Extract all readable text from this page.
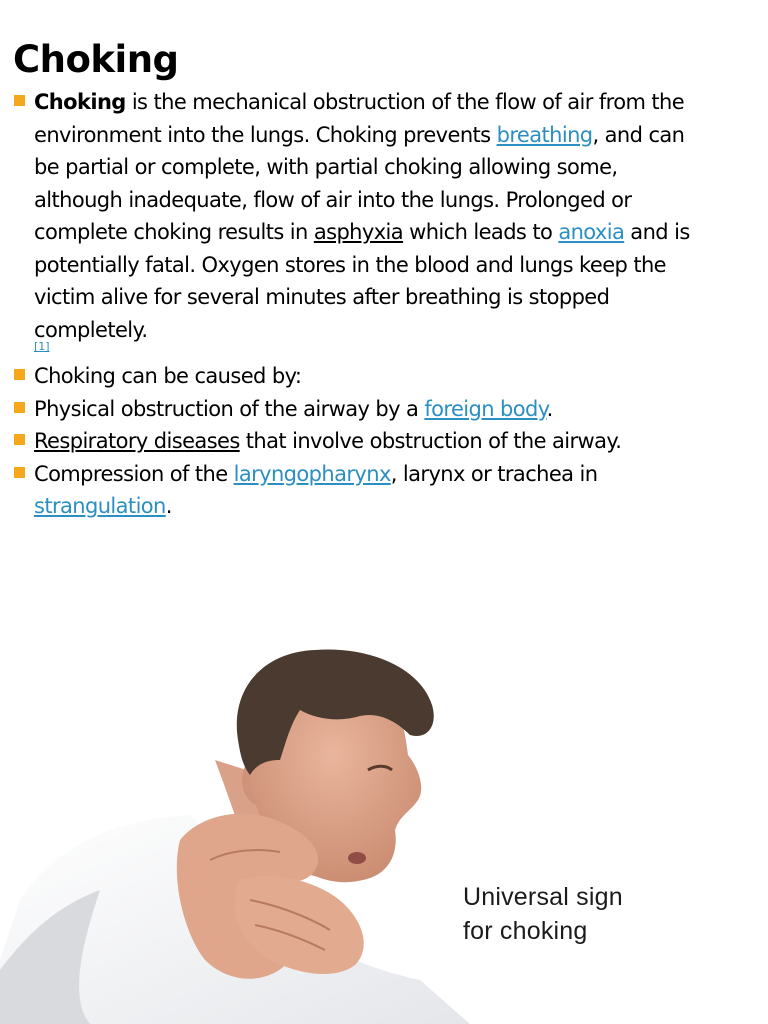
Choking
Choking is the mechanical obstruction of the flow of air from the environment into the lungs. Choking prevents breathing, and can be partial or complete, with partial choking allowing some, although inadequate, flow of air into the lungs. Prolonged or complete choking results in asphyxia which leads to anoxia and is potentially fatal. Oxygen stores in the blood and lungs keep the victim alive for several minutes after breathing is stopped completely.
[1]
Choking can be caused by:
Physical obstruction of the airway by a foreign body.
Respiratory diseases that involve obstruction of the airway.
Compression of the laryngopharynx, larynx or trachea in strangulation.
Universal sign
for choking
